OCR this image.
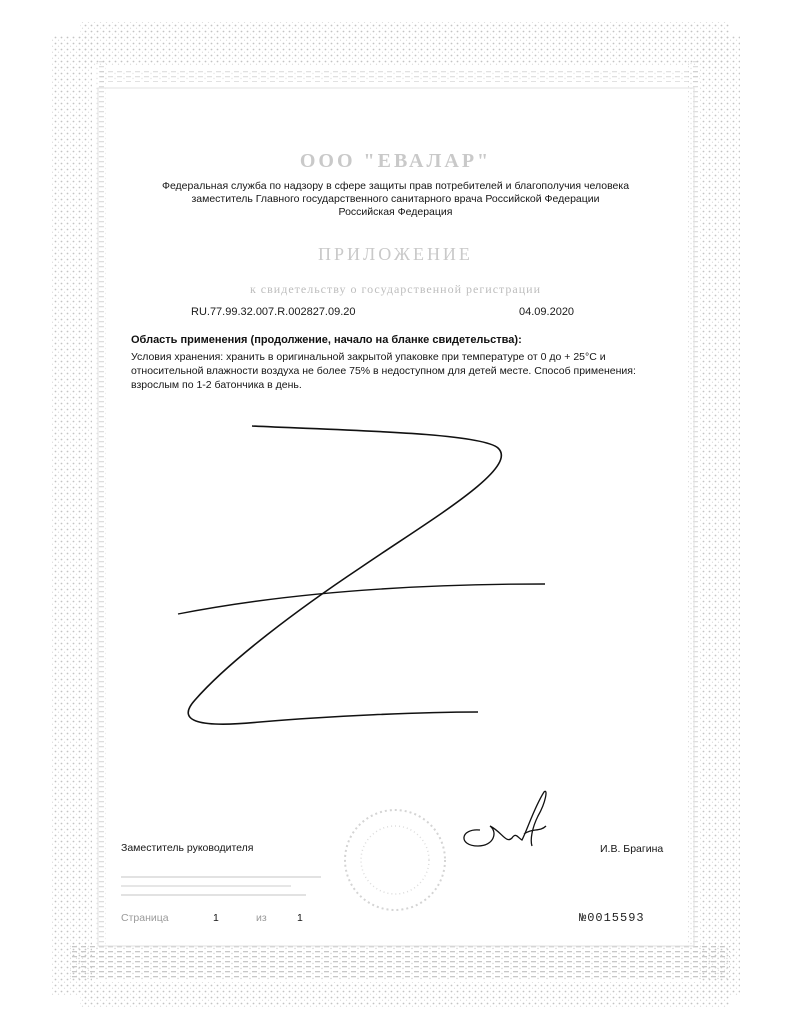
ООО "ЕВАЛАР"
Федеральная служба по надзору в сфере защиты прав потребителей и благополучия человека
заместитель Главного государственного санитарного врача Российской Федерации
Российская Федерация
ПРИЛОЖЕНИЕ
к свидетельству о государственной регистрации
RU.77.99.32.007.R.002827.09.20	04.09.2020
Область применения (продолжение, начало на бланке свидетельства):
Условия хранения: хранить в оригинальной закрытой упаковке при температуре от 0 до + 25°С и относительной влажности воздуха не более 75% в недоступном для детей месте. Способ применения: взрослым по 1-2 батончика в день.
Заместитель руководителя	И.В. Брагина
Страница	1	из	1	№0015593
